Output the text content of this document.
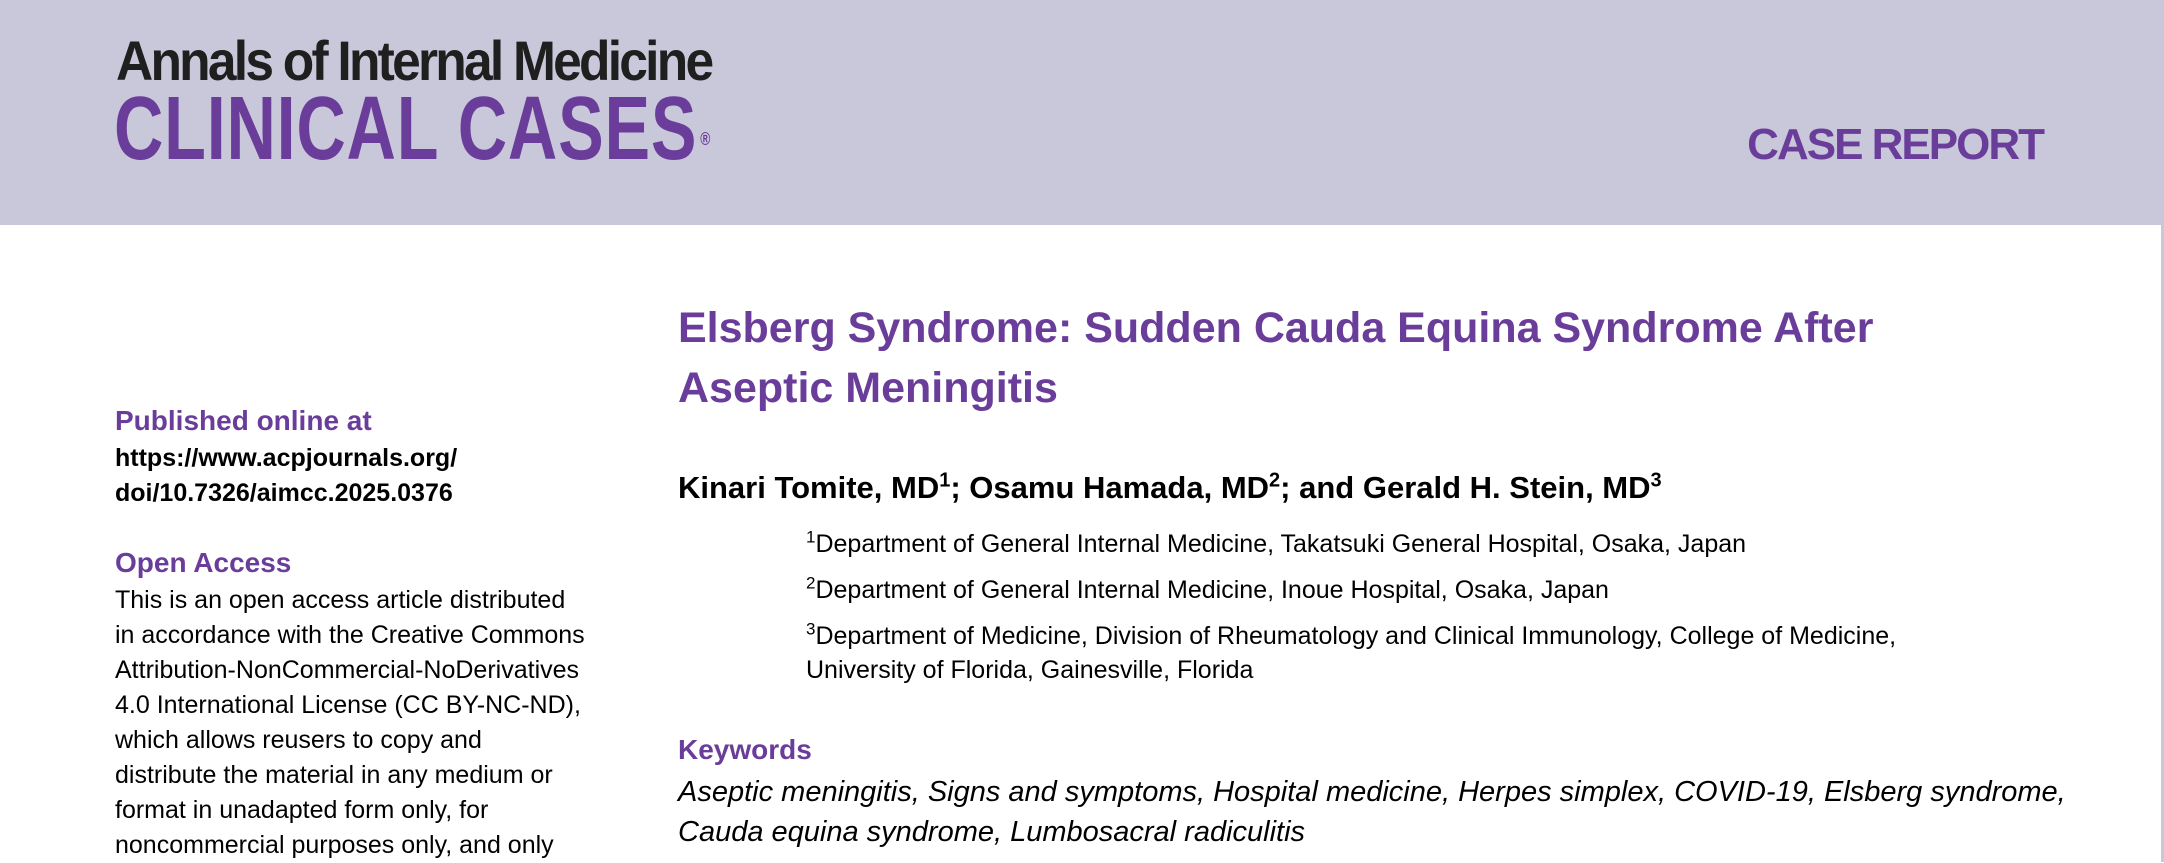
Annals of Internal Medicine
CLINICAL CASES ®	CASE REPORT
Published online at
https://www.acpjournals.org/
doi/10.7326/aimcc.2025.0376
Open Access
This is an open access article distributed
in accordance with the Creative Commons
Attribution-NonCommercial-NoDerivatives
4.0 International License (CC BY-NC-ND),
which allows reusers to copy and
distribute the material in any medium or
format in unadapted form only, for
noncommercial purposes only, and only
Elsberg Syndrome: Sudden Cauda Equina Syndrome After
Aseptic Meningitis
Kinari Tomite, $MD^1$; Osamu Hamada, $MD^2$; and Gerald H. Stein, $MD^3$
$^1$Department of General Internal Medicine, Takatsuki General Hospital, Osaka, Japan
$^2$Department of General Internal Medicine, Inoue Hospital, Osaka, Japan
$^3$Department of Medicine, Division of Rheumatology and Clinical Immunology, College of Medicine,
University of Florida, Gainesville, Florida
Keywords
Aseptic meningitis, Signs and symptoms, Hospital medicine, Herpes simplex, COVID-19, Elsberg syndrome,
Cauda equina syndrome, Lumbosacral radiculitis
